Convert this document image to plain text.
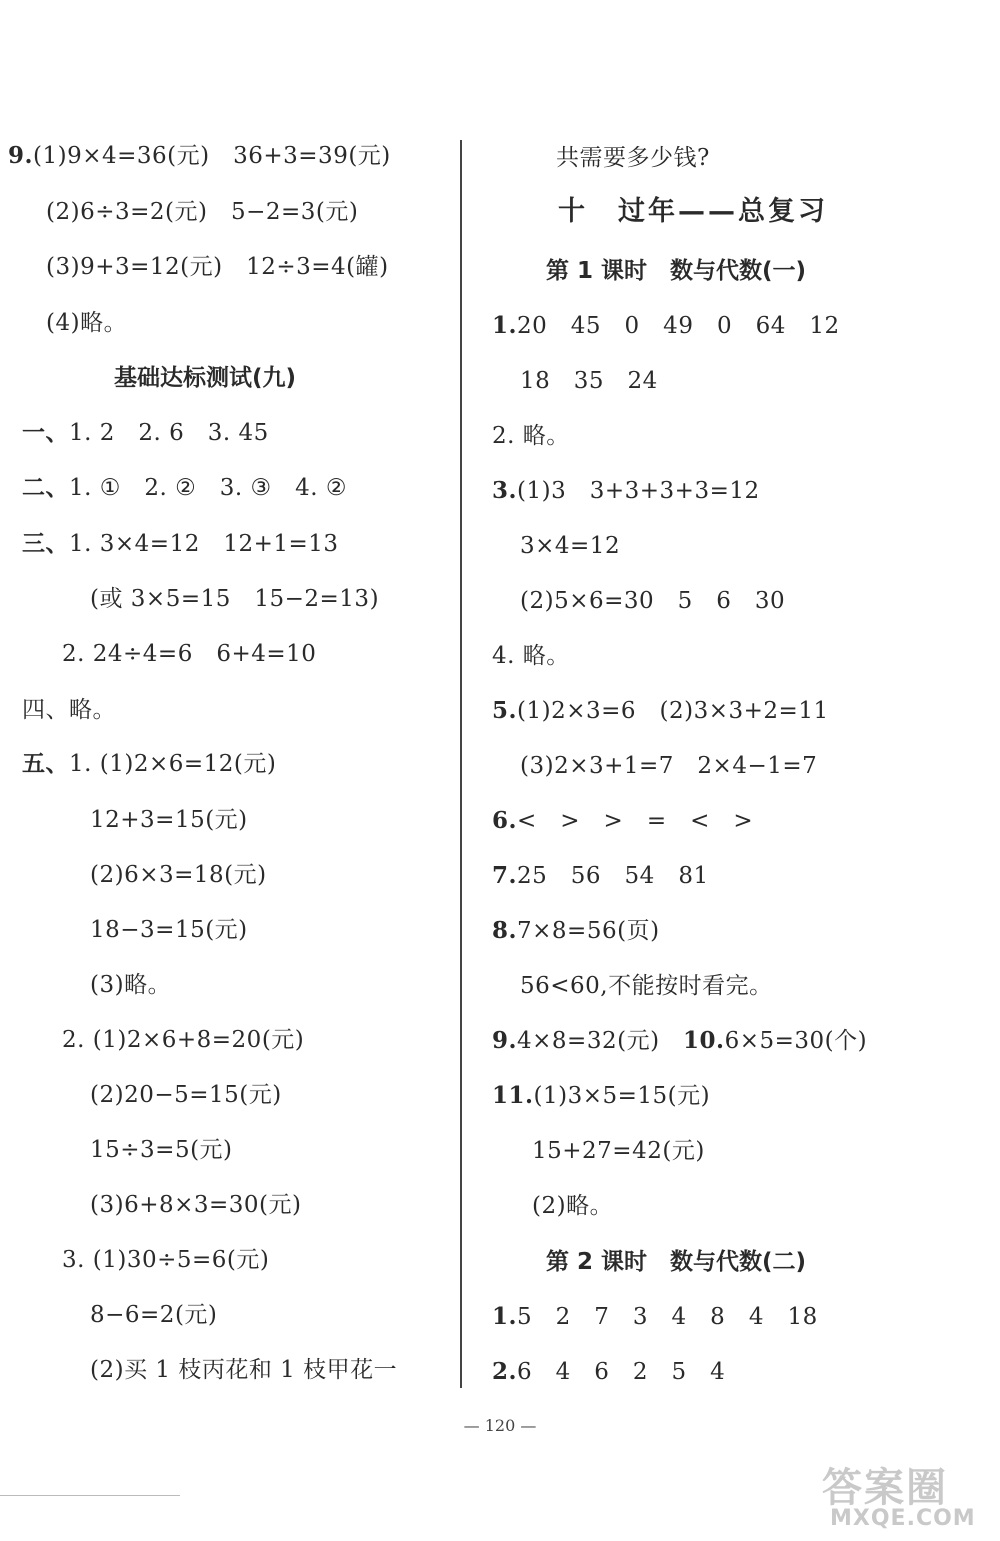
9.(1)9×4=36(元)　36+3=39(元)
(2)6÷3=2(元)　5−2=3(元)
(3)9+3=12(元)　12÷3=4(罐)
(4)略。
基础达标测试(九)
一、1. 2　2. 6　3. 45
二、1. ①　2. ②　3. ③　4. ②
三、1. 3×4=12　12+1=13
(或 3×5=15　15−2=13)
2. 24÷4=6　6+4=10
四、略。
五、1. (1)2×6=12(元)
12+3=15(元)
(2)6×3=18(元)
18−3=15(元)
(3)略。
2. (1)2×6+8=20(元)
(2)20−5=15(元)
15÷3=5(元)
(3)6+8×3=30(元)
3. (1)30÷5=6(元)
8−6=2(元)
(2)买 1 枝丙花和 1 枝甲花一
共需要多少钱?
十　过年——总复习
第 1 课时　数与代数(一)
1.20　45　0　49　0　64　12
18　35　24
2. 略。
3.(1)3　3+3+3+3=12
3×4=12
(2)5×6=30　5　6　30
4. 略。
5.(1)2×3=6　(2)3×3+2=11
(3)2×3+1=7　2×4−1=7
6.<　>　>　=　<　>
7.25　56　54　81
8.7×8=56(页)
56<60,不能按时看完。
9.4×8=32(元)　 10.6×5=30(个)
11.(1)3×5=15(元)
15+27=42(元)
(2)略。
第 2 课时　数与代数(二)
1.5　2　7　3　4　8　4　18
2.6　4　6　2　5　4
— 120 —
答案圈
MXQE.COM
